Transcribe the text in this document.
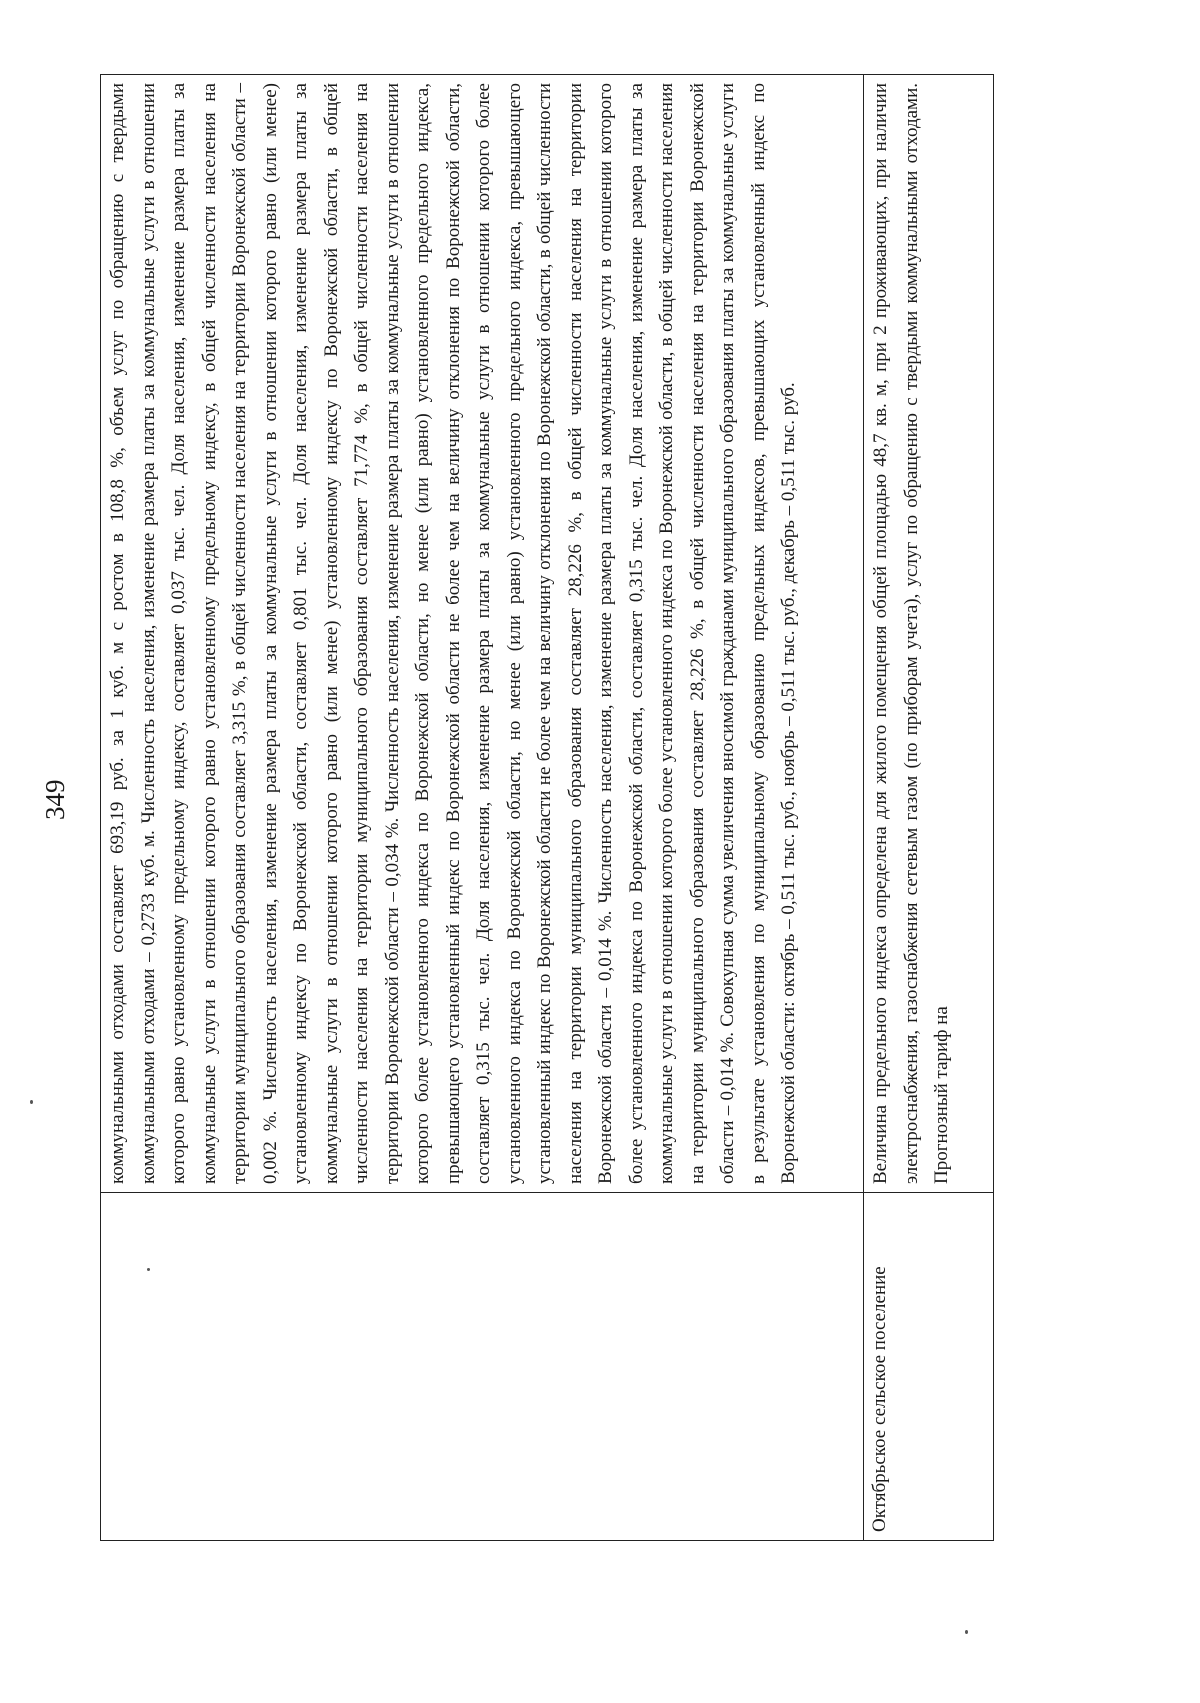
349	коммунальными отходами составляет 693,19 руб. за 1 куб. м с ростом в 108,8 %, объем услуг по обращению с твердыми коммунальными отходами – 0,2733 куб. м. Численность населения, изменение размера платы за коммунальные услуги в отношении которого равно установленному предельному индексу, составляет 0,037 тыс. чел. Доля населения, изменение размера платы за коммунальные услуги в отношении которого равно установленному предельному индексу, в общей численности населения на территории муниципального образования составляет 3,315 %, в общей численности населения на территории Воронежской области – 0,002 %. Численность населения, изменение размера платы за коммунальные услуги в отношении которого равно (или менее) установленному индексу по Воронежской области, составляет 0,801 тыс. чел. Доля населения, изменение размера платы за коммунальные услуги в отношении которого равно (или менее) установленному индексу по Воронежской области, в общей численности населения на территории муниципального образования составляет 71,774 %, в общей численности населения на территории Воронежской области – 0,034 %. Численность населения, изменение размера платы за коммунальные услуги в отношении которого более установленного индекса по Воронежской области, но менее (или равно) установленного предельного индекса, превышающего установленный индекс по Воронежской области не более чем на величину отклонения по Воронежской области, составляет 0,315 тыс. чел. Доля населения, изменение размера платы за коммунальные услуги в отношении которого более установленного индекса по Воронежской области, но менее (или равно) установленного предельного индекса, превышающего установленный индекс по Воронежской области не более чем на величину отклонения по Воронежской области, в общей численности населения на территории муниципального образования составляет 28,226 %, в общей численности населения на территории Воронежской области – 0,014 %. Численность населения, изменение размера платы за коммунальные услуги в отношении которого более установленного индекса по Воронежской области, составляет 0,315 тыс. чел. Доля населения, изменение размера платы за коммунальные услуги в отношении которого более установленного индекса по Воронежской области, в общей численности населения на территории муниципального образования составляет 28,226 %, в общей численности населения на территории Воронежской области – 0,014 %. Совокупная сумма увеличения вносимой гражданами муниципального образования платы за коммунальные услуги в результате установления по муниципальному образованию предельных индексов, превышающих установленный индекс по Воронежской области: октябрь – 0,511 тыс. руб., ноябрь – 0,511 тыс. руб., декабрь – 0,511 тыс. руб.
Октябрьское сельское поселение
Величина предельного индекса определена для жилого помещения общей площадью 48,7 кв. м, при 2 проживающих, при наличии электроснабжения, газоснабжения сетевым газом (по приборам учета), услуг по обращению с твердыми коммунальными отходами. Прогнозный тариф на
